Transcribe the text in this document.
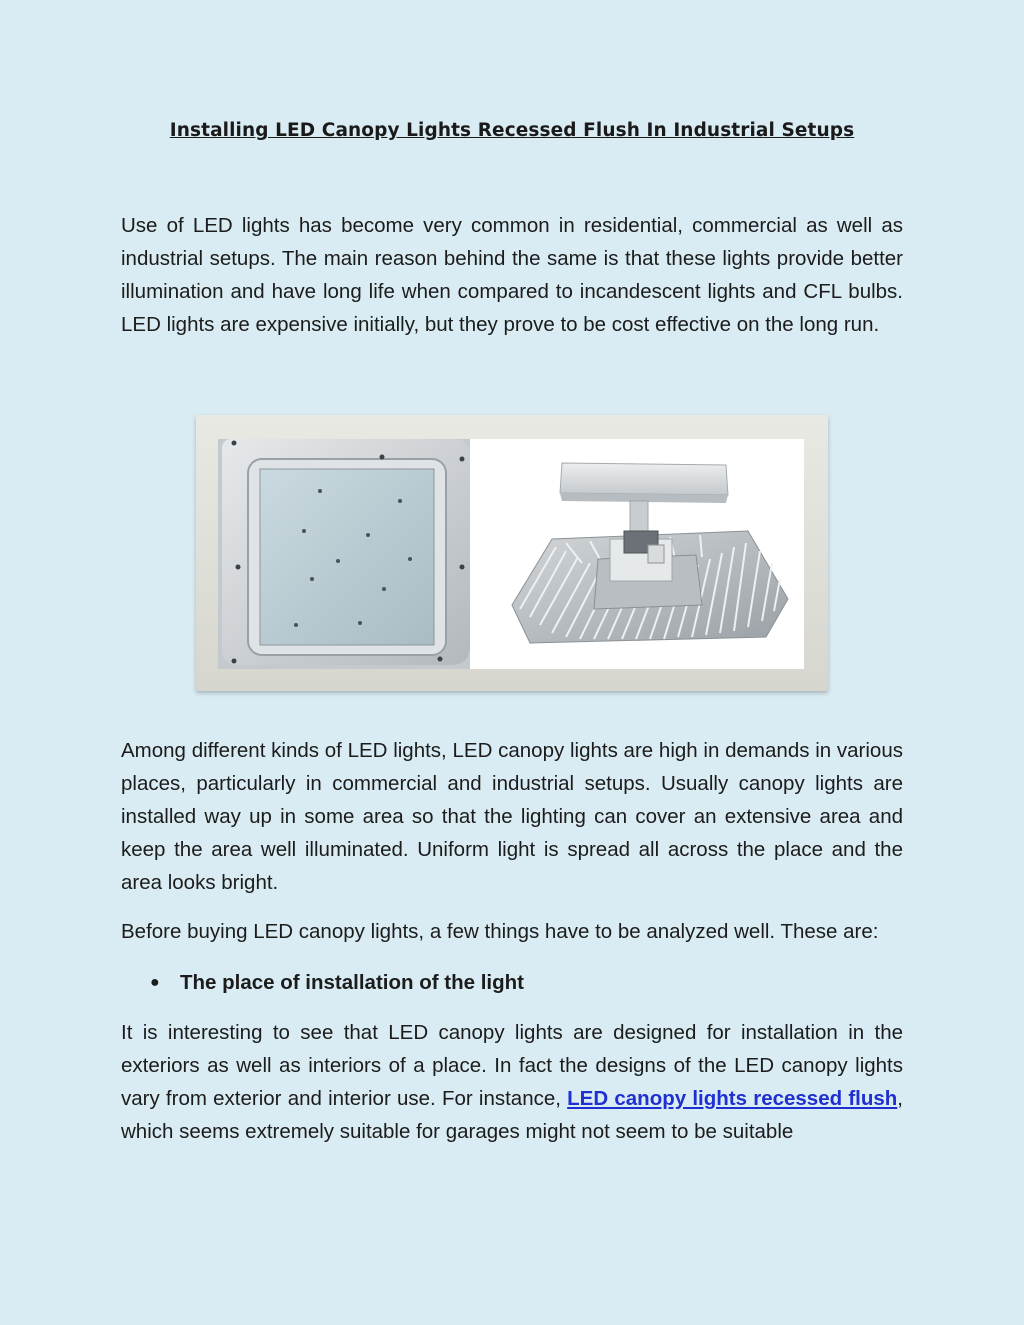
Installing LED Canopy Lights Recessed Flush In Industrial Setups

Use of LED lights has become very common in residential, commercial as well as industrial setups. The main reason behind the same is that these lights provide better illumination and have long life when compared to incandescent lights and CFL bulbs. LED lights are expensive initially, but they prove to be cost effective on the long run.

Among different kinds of LED lights, LED canopy lights are high in demands in various places, particularly in commercial and industrial setups. Usually canopy lights are installed way up in some area so that the lighting can cover an extensive area and keep the area well illuminated. Uniform light is spread all across the place and the area looks bright.

Before buying LED canopy lights, a few things have to be analyzed well. These are:

● The place of installation of the light

It is interesting to see that LED canopy lights are designed for installation in the exteriors as well as interiors of a place. In fact the designs of the LED canopy lights vary from exterior and interior use. For instance, LED canopy lights recessed flush, which seems extremely suitable for garages might not seem to be suitable
